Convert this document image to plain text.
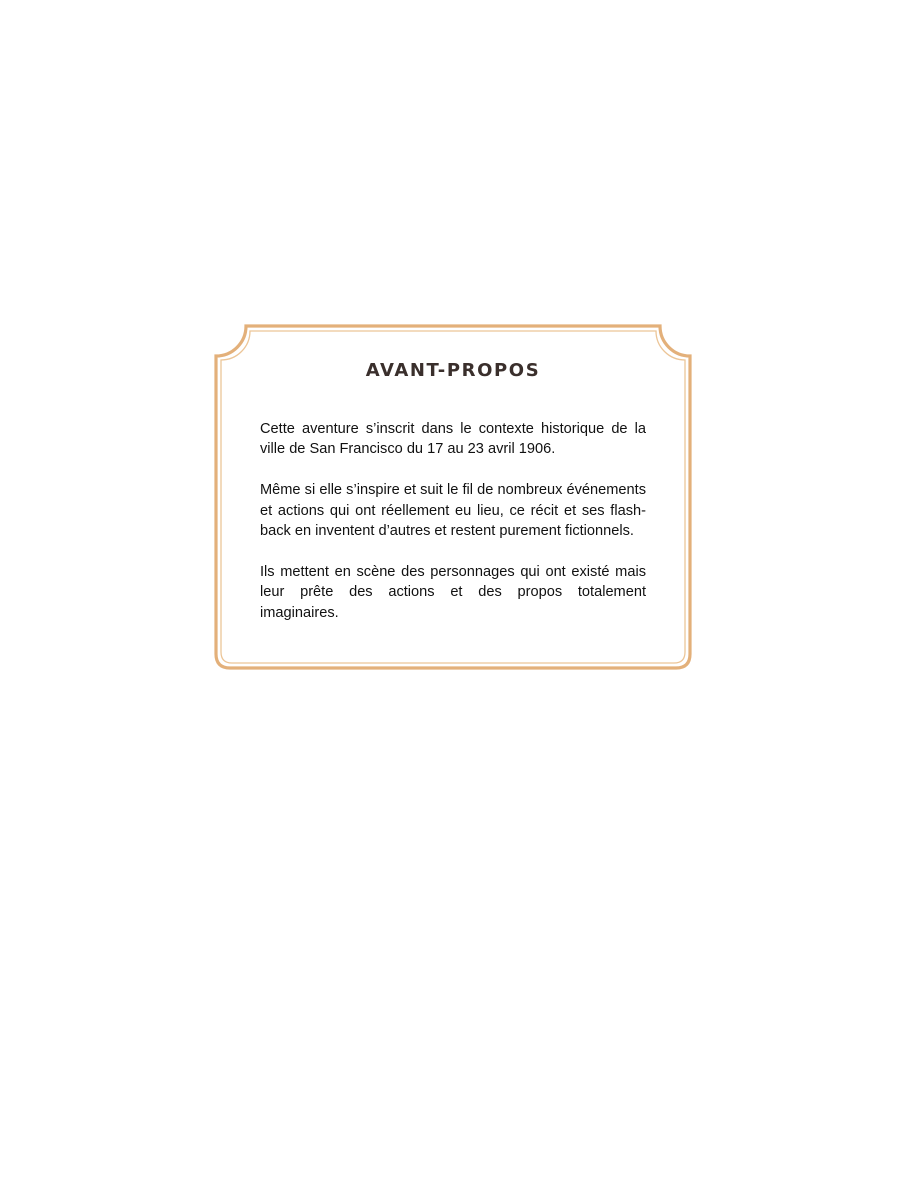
AVANT-PROPOS

Cette aventure s’inscrit dans le contexte historique de la ville de San Francisco du 17 au 23 avril 1906.

Même si elle s’inspire et suit le fil de nombreux événements et actions qui ont réellement eu lieu, ce récit et ses flash-back en inventent d’autres et restent purement fictionnels.

Ils mettent en scène des personnages qui ont existé mais leur prête des actions et des propos totalement imaginaires.
